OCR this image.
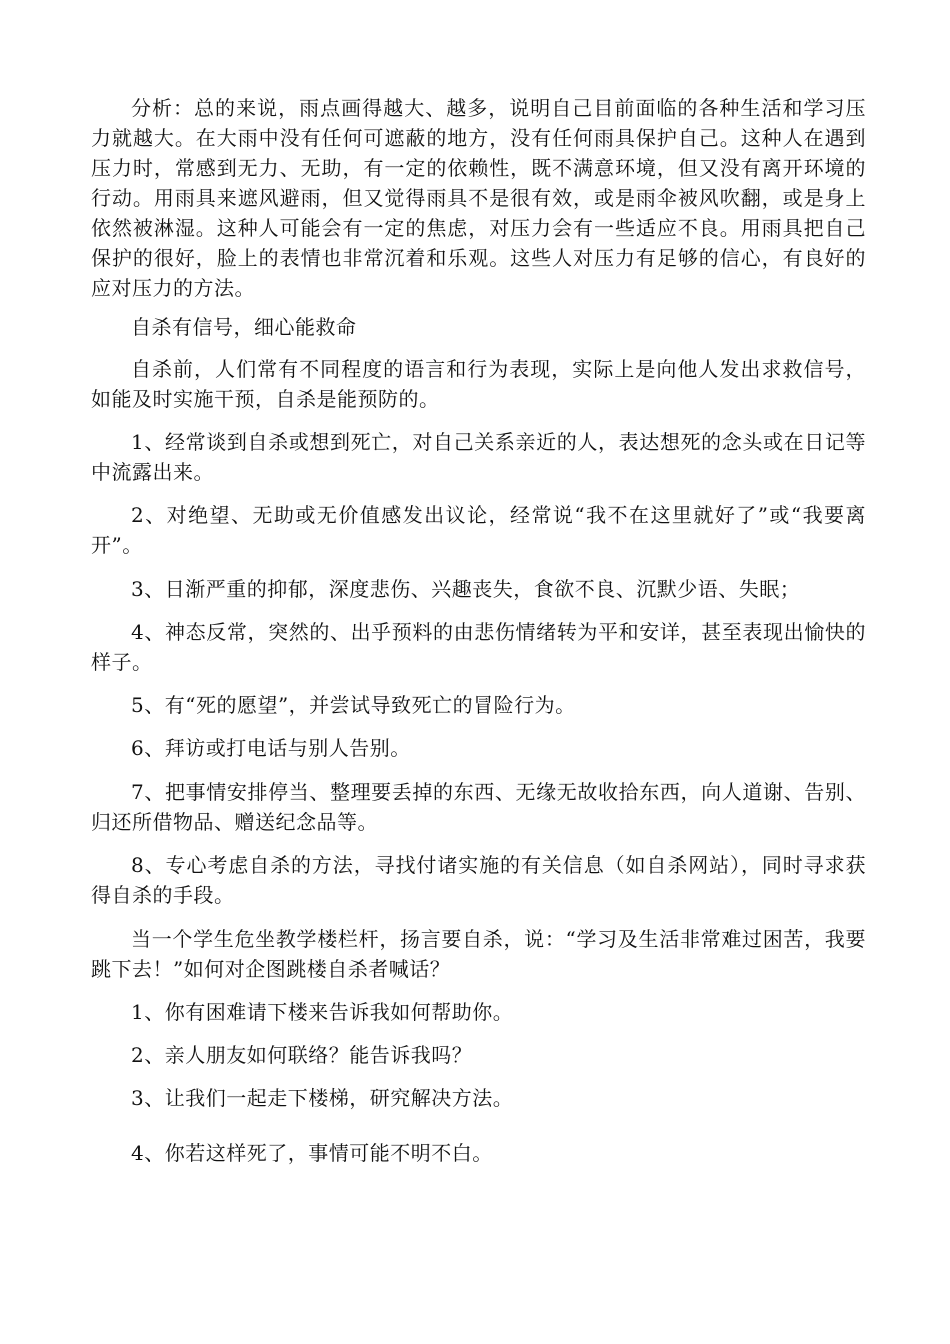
分析：总的来说，雨点画得越大、越多，说明自己目前面临的各种生活和学习压力就越大。在大雨中没有任何可遮蔽的地方，没有任何雨具保护自己。这种人在遇到压力时，常感到无力、无助，有一定的依赖性，既不满意环境，但又没有离开环境的行动。用雨具来遮风避雨，但又觉得雨具不是很有效，或是雨伞被风吹翻，或是身上依然被淋湿。这种人可能会有一定的焦虑，对压力会有一些适应不良。用雨具把自己保护的很好，脸上的表情也非常沉着和乐观。这些人对压力有足够的信心，有良好的应对压力的方法。

自杀有信号，细心能救命

自杀前，人们常有不同程度的语言和行为表现，实际上是向他人发出求救信号，如能及时实施干预，自杀是能预防的。

1、经常谈到自杀或想到死亡，对自己关系亲近的人，表达想死的念头或在日记等中流露出来。

2、对绝望、无助或无价值感发出议论，经常说“我不在这里就好了”或“我要离开”。

3、日渐严重的抑郁，深度悲伤、兴趣丧失，食欲不良、沉默少语、失眠；

4、神态反常，突然的、出乎预料的由悲伤情绪转为平和安详，甚至表现出愉快的样子。

5、有“死的愿望”，并尝试导致死亡的冒险行为。

6、拜访或打电话与别人告别。

7、把事情安排停当、整理要丢掉的东西、无缘无故收拾东西，向人道谢、告别、归还所借物品、赠送纪念品等。

8、专心考虑自杀的方法，寻找付诸实施的有关信息（如自杀网站），同时寻求获得自杀的手段。

当一个学生危坐教学楼栏杆，扬言要自杀，说：“学习及生活非常难过困苦，我要跳下去！”如何对企图跳楼自杀者喊话？

1、你有困难请下楼来告诉我如何帮助你。

2、亲人朋友如何联络？能告诉我吗？

3、让我们一起走下楼梯，研究解决方法。

4、你若这样死了，事情可能不明不白。
